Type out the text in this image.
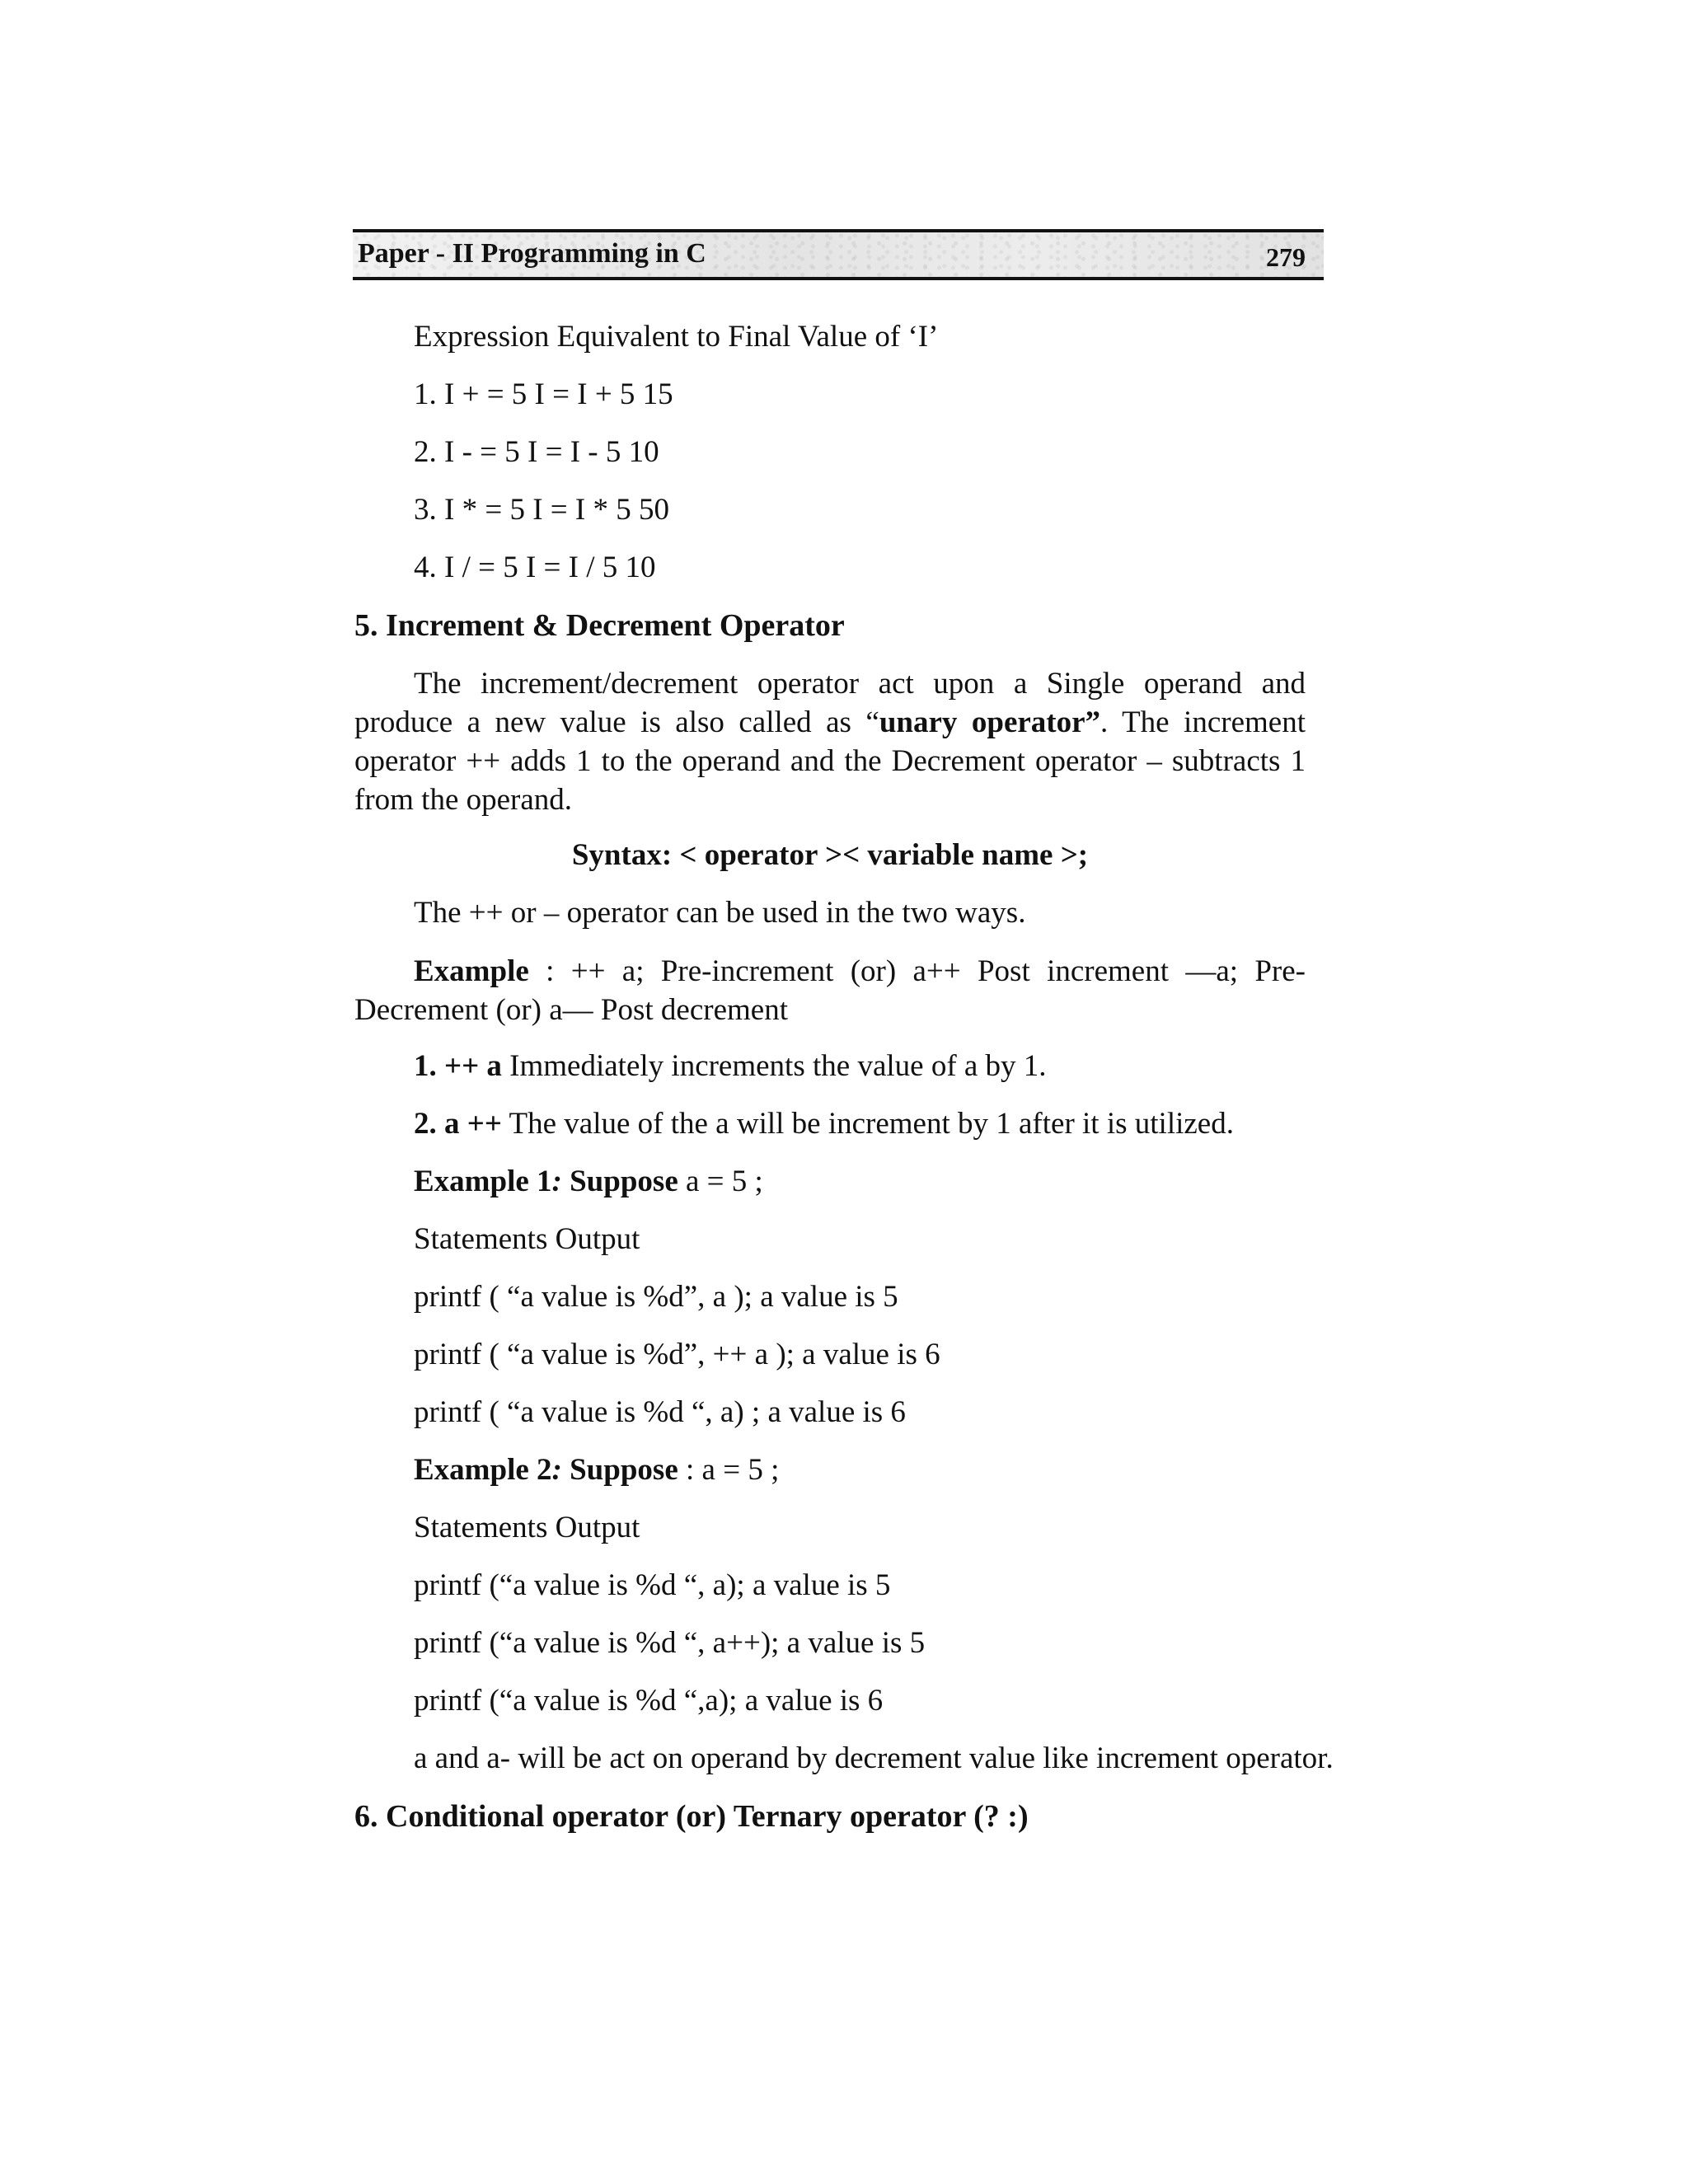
Paper - II Programming in C	279
Expression Equivalent to Final Value of ‘I’
1. I + = 5 I = I + 5 15
2. I - = 5 I = I - 5 10
3. I * = 5 I = I * 5 50
4. I / = 5 I = I / 5 10
5. Increment & Decrement Operator
The increment/decrement operator act upon a Single operand and produce a new value is also called as “unary operator”. The increment operator ++ adds 1 to the operand and the Decrement operator – subtracts 1 from the operand.
Syntax: < operator >< variable name >;
The ++ or – operator can be used in the two ways.
Example : ++ a; Pre-increment (or) a++ Post increment —a; Pre-Decrement (or) a— Post decrement
1. ++ a Immediately increments the value of a by 1.
2. a ++ The value of the a will be increment by 1 after it is utilized.
Example 1: Suppose a = 5 ;
Statements Output
printf ( “a value is %d”, a ); a value is 5
printf ( “a value is %d”, ++ a ); a value is 6
printf ( “a value is %d “, a) ; a value is 6
Example 2: Suppose : a = 5 ;
Statements Output
printf (“a value is %d “, a); a value is 5
printf (“a value is %d “, a++); a value is 5
printf (“a value is %d “,a); a value is 6
a and a- will be act on operand by decrement value like increment operator.
6. Conditional operator (or) Ternary operator (? :)
